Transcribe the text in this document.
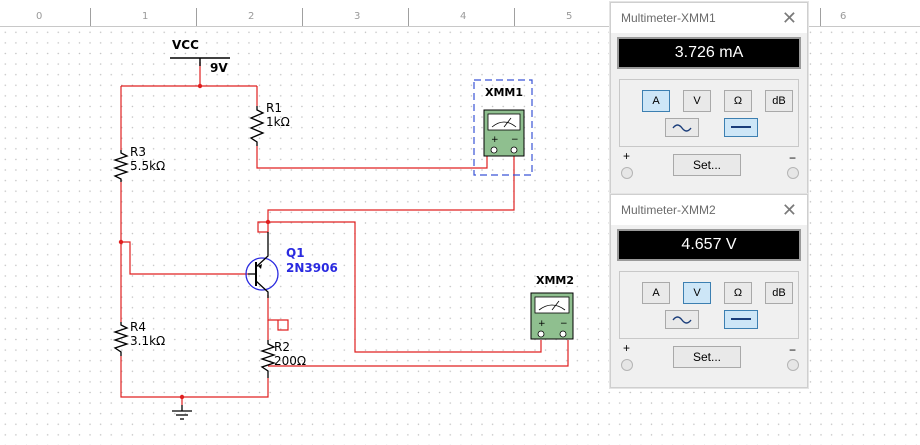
0	1	2	3	4	5	6
+ −
+ −
VCC
9V
R1
1kΩ
R3
5.5kΩ
R4
3.1kΩ	R2
200Ω
Q1
2N3906
XMM1
XMM2
Multimeter-XMM1	✕
3.726 mA
A	V	Ω	dB
+
Set...	−
Multimeter-XMM2	✕
4.657 V
A	V	Ω	dB
+
Set...	−
